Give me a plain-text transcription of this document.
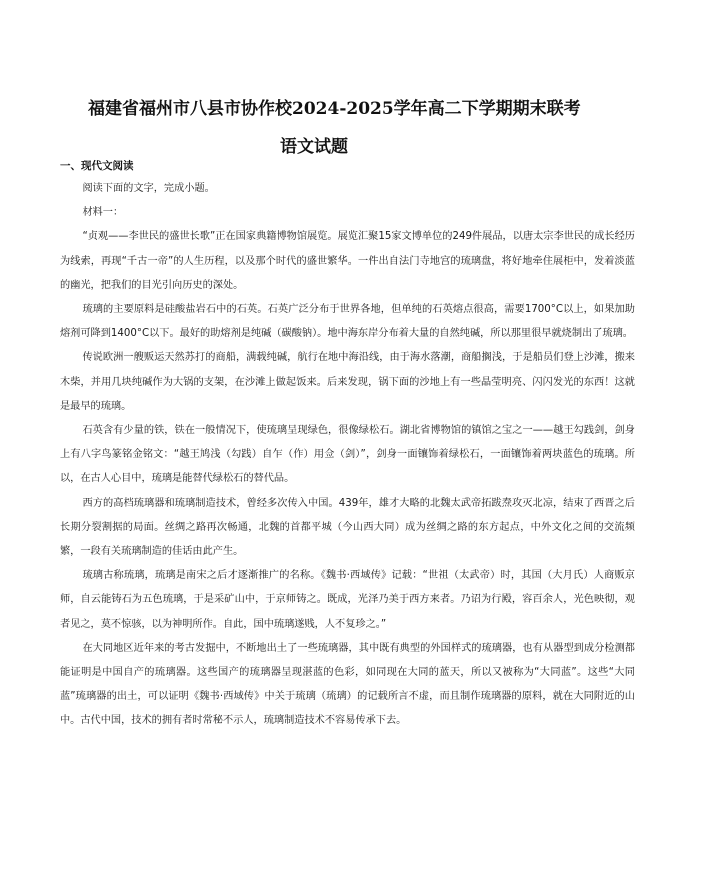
福建省福州市八县市协作校2024-2025学年高二下学期期末联考
语文试题
一、现代文阅读

阅读下面的文字，完成小题。

材料一：

“贞观——李世民的盛世长歌”正在国家典籍博物馆展览。展览汇聚15家文博单位的249件展品，以唐太宗李世民的成长经历为线索，再现“千古一帝”的人生历程，以及那个时代的盛世繁华。一件出自法门寺地宫的琉璃盘，将好地牵住展柜中，发着淡蓝的幽光，把我们的目光引向历史的深处。

琉璃的主要原料是硅酸盐岩石中的石英。石英广泛分布于世界各地，但单纯的石英熔点很高，需要1700°C以上，如果加助熔剂可降到1400°C以下。最好的助熔剂是纯碱（碳酸钠）。地中海东岸分布着大量的自然纯碱，所以那里很早就烧制出了琉璃。

传说欧洲一艘贩运天然苏打的商船，满载纯碱，航行在地中海沿线，由于海水落潮，商船搁浅，于是船员们登上沙滩，搬来木柴，并用几块纯碱作为大锅的支架，在沙滩上做起饭来。后来发现，锅下面的沙地上有一些晶莹明亮、闪闪发光的东西！这就是最早的琉璃。

石英含有少量的铁，铁在一般情况下，使琉璃呈现绿色，很像绿松石。湖北省博物馆的镇馆之宝之一——越王勾践剑，剑身上有八字鸟篆铭金铭文：“越王鸠浅（勾践）自乍（作）用佥（剑）”，剑身一面镶饰着绿松石，一面镶饰着两块蓝色的琉璃。所以，在古人心目中，琉璃是能替代绿松石的替代品。

西方的高档琉璃器和琉璃制造技术，曾经多次传入中国。439年，雄才大略的北魏太武帝拓跋焘攻灭北凉，结束了西晋之后长期分裂割据的局面。丝绸之路再次畅通，北魏的首都平城（今山西大同）成为丝绸之路的东方起点，中外文化之间的交流频繁，一段有关琉璃制造的佳话由此产生。

琉璃古称琉璃，琉璃是南宋之后才逐渐推广的名称。《魏书·西域传》记载：“世祖（太武帝）时，其国（大月氏）人商贩京师，自云能铸石为五色琉璃，于是采矿山中，于京师铸之。既成，光泽乃美于西方来者。乃诏为行殿，容百余人，光色映彻，观者见之，莫不惊骇，以为神明所作。自此，国中琉璃遂贱，人不复珍之。”

在大同地区近年来的考古发掘中，不断地出土了一些琉璃器，其中既有典型的外国样式的琉璃器，也有从器型到成分检测都能证明是中国自产的琉璃器。这些国产的琉璃器呈现湛蓝的色彩，如同现在大同的蓝天，所以又被称为“大同蓝”。这些“大同蓝”琉璃器的出土，可以证明《魏书·西域传》中关于琉璃（琉璃）的记载所言不虚，而且制作琉璃器的原料，就在大同附近的山中。古代中国，技术的拥有者时常秘不示人，琉璃制造技术不容易传承下去。
